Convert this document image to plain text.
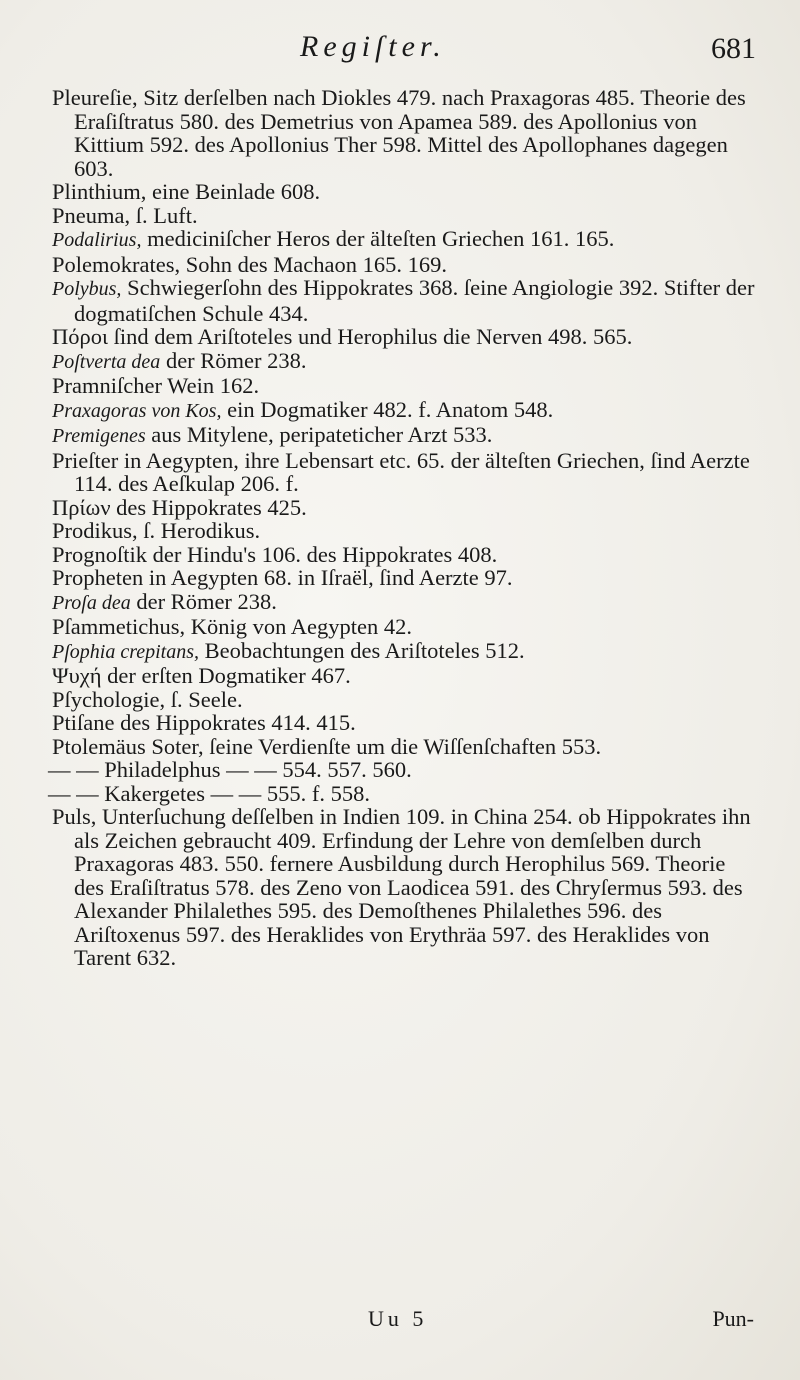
Regiſter.	681

Pleureſie, Sitz derſelben nach Diokles 479. nach Praxagoras 485. Theorie des Eraſiſtratus 580. des Demetrius von Apamea 589. des Apollonius von Kittium 592. des Apollonius Ther 598. Mittel des Apollophanes dagegen 603.

Plinthium, eine Beinlade 608.

Pneuma, ſ. Luft.

Podalirius, mediciniſcher Heros der älteſten Griechen 161. 165.

Polemokrates, Sohn des Machaon 165. 169.

Polybus, Schwiegerſohn des Hippokrates 368. ſeine Angiologie 392. Stifter der dogmatiſchen Schule 434.

Πόροι ſind dem Ariſtoteles und Herophilus die Nerven 498. 565.

Poſtverta dea der Römer 238.

Pramniſcher Wein 162.

Praxagoras von Kos, ein Dogmatiker 482. f. Anatom 548.

Premigenes aus Mitylene, peripateticher Arzt 533.

Prieſter in Aegypten, ihre Lebensart etc. 65. der älteſten Griechen, ſind Aerzte 114. des Aeſkulap 206. f.

Πρίων des Hippokrates 425.

Prodikus, ſ. Herodikus.

Prognoſtik der Hindu's 106. des Hippokrates 408.

Propheten in Aegypten 68. in Iſraël, ſind Aerzte 97.

Proſa dea der Römer 238.

Pſammetichus, König von Aegypten 42.

Pſophia crepitans, Beobachtungen des Ariſtoteles 512.

Ψυχή der erſten Dogmatiker 467.

Pſychologie, ſ. Seele.

Ptiſane des Hippokrates 414. 415.

Ptolemäus Soter, ſeine Verdienſte um die Wiſſenſchaften 553.

— — Philadelphus — — 554. 557. 560.

— — Kakergetes — — 555. f. 558.

Puls, Unterſuchung deſſelben in Indien 109. in China 254. ob Hippokrates ihn als Zeichen gebraucht 409. Erfindung der Lehre von demſelben durch Praxagoras 483. 550. fernere Ausbildung durch Herophilus 569. Theorie des Eraſiſtratus 578. des Zeno von Laodicea 591. des Chryſermus 593. des Alexander Philalethes 595. des Demoſthenes Philalethes 596. des Ariſtoxenus 597. des Heraklides von Erythräa 597. des Heraklides von Tarent 632.

Uu 5	Pun-
